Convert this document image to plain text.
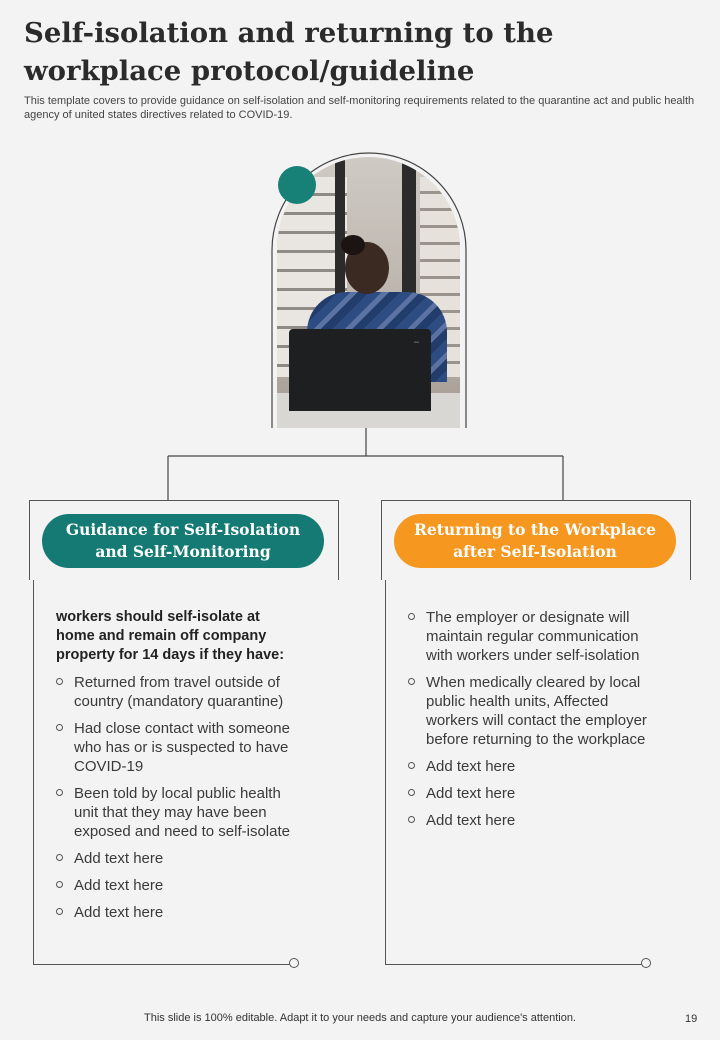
Self-isolation and returning to the workplace protocol/guideline
This template covers to provide guidance on self-isolation and self-monitoring requirements related to the quarantine act and public health agency of united states directives related to COVID-19.
▬
Guidance for Self-Isolation
and Self-Monitoring
workers should self-isolate at home and remain off company property for 14 days if they have:
Returned from travel outside of country (mandatory quarantine)
Had close contact with someone who has or is suspected to have COVID-19
Been told by local public health unit that they may have been exposed and need to self-isolate
Add text here
Add text here
Add text here
Returning to the Workplace
after Self-Isolation
The employer or designate will maintain regular communication with workers under self-isolation
When medically cleared by local public health units, Affected workers will contact the employer before returning to the workplace
Add text here
Add text here
Add text here
This slide is 100% editable. Adapt it to your needs and capture your audience's attention.	19
